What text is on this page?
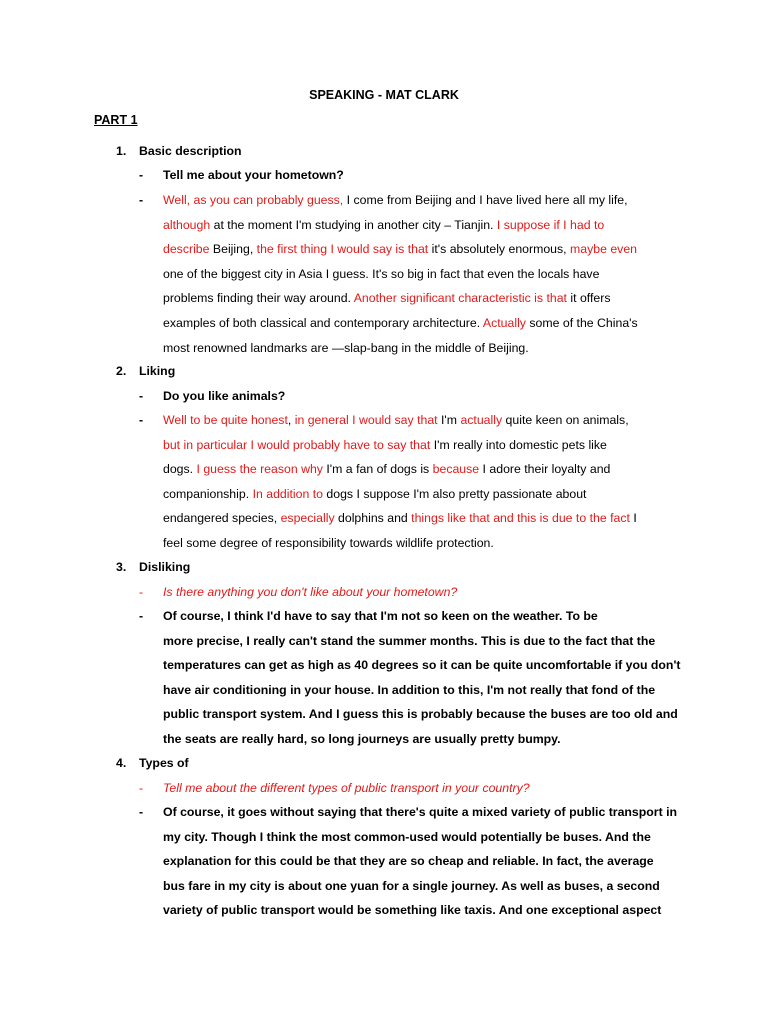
SPEAKING - MAT CLARK
PART 1
1. Basic description
- Tell me about your hometown?
- Well, as you can probably guess, I come from Beijing and I have lived here all my life,
although at the moment I'm studying in another city – Tianjin. I suppose if I had to
describe Beijing, the first thing I would say is that it's absolutely enormous, maybe even
one of the biggest city in Asia I guess. It's so big in fact that even the locals have
problems finding their way around. Another significant characteristic is that it offers
examples of both classical and contemporary architecture. Actually some of the China's
most renowned landmarks are —slap-bang in the middle of Beijing.
2. Liking
- Do you like animals?
- Well to be quite honest, in general I would say that I'm actually quite keen on animals,
but in particular I would probably have to say that I'm really into domestic pets like
dogs. I guess the reason why I'm a fan of dogs is because I adore their loyalty and
companionship. In addition to dogs I suppose I'm also pretty passionate about
endangered species, especially dolphins and things like that and this is due to the fact I
feel some degree of responsibility towards wildlife protection.
3. Disliking
- Is there anything you don't like about your hometown?
- Of course, I think I'd have to say that I'm not so keen on the weather. To be
more precise, I really can't stand the summer months. This is due to the fact that the
temperatures can get as high as 40 degrees so it can be quite uncomfortable if you don't
have air conditioning in your house. In addition to this, I'm not really that fond of the
public transport system. And I guess this is probably because the buses are too old and
the seats are really hard, so long journeys are usually pretty bumpy.
4. Types of
- Tell me about the different types of public transport in your country?
- Of course, it goes without saying that there's quite a mixed variety of public transport in
my city. Though I think the most common-used would potentially be buses. And the
explanation for this could be that they are so cheap and reliable. In fact, the average
bus fare in my city is about one yuan for a single journey. As well as buses, a second
variety of public transport would be something like taxis. And one exceptional aspect
